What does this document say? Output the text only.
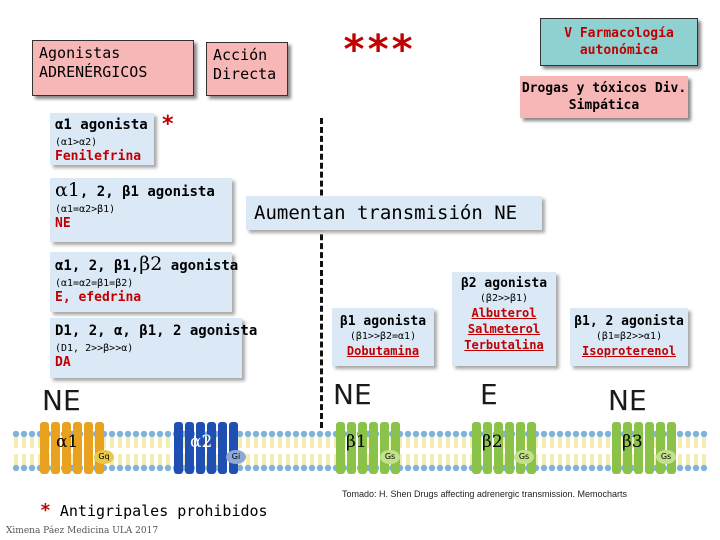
Agonistas ADRENÉRGICOS
Acción Directa
***	V Farmacología autonómica
Drogas y tóxicos Div. Simpática
Aumentan transmisión NE
α1 agonista
(α1>α2)
Fenilefrina
*
α1, 2, β1 agonista
(α1=α2>β1)
NE
α1, 2, β1,β2 agonista
(α1=α2=β1=β2)
E, efedrina
D1, 2, α, β1, 2 agonista
(D1, 2>>β>>α)
DA
β1 agonista
(β1>>β2=α1)
Dobutamina
β2 agonista
(β2>>β1)
Albuterol
Salmeterol
Terbutalina
β1, 2 agonista
(β1=β2>>α1)
Isoproterenol
NE	NE	E	NE
α1
Gq
α2
Gi
β1
Gs
β2
Gs
β3
Gs
* Antigripales prohibidos
Ximena Páez Medicina ULA 2017
Tomado: H. Shen Drugs affecting adrenergic transmission. Memocharts
